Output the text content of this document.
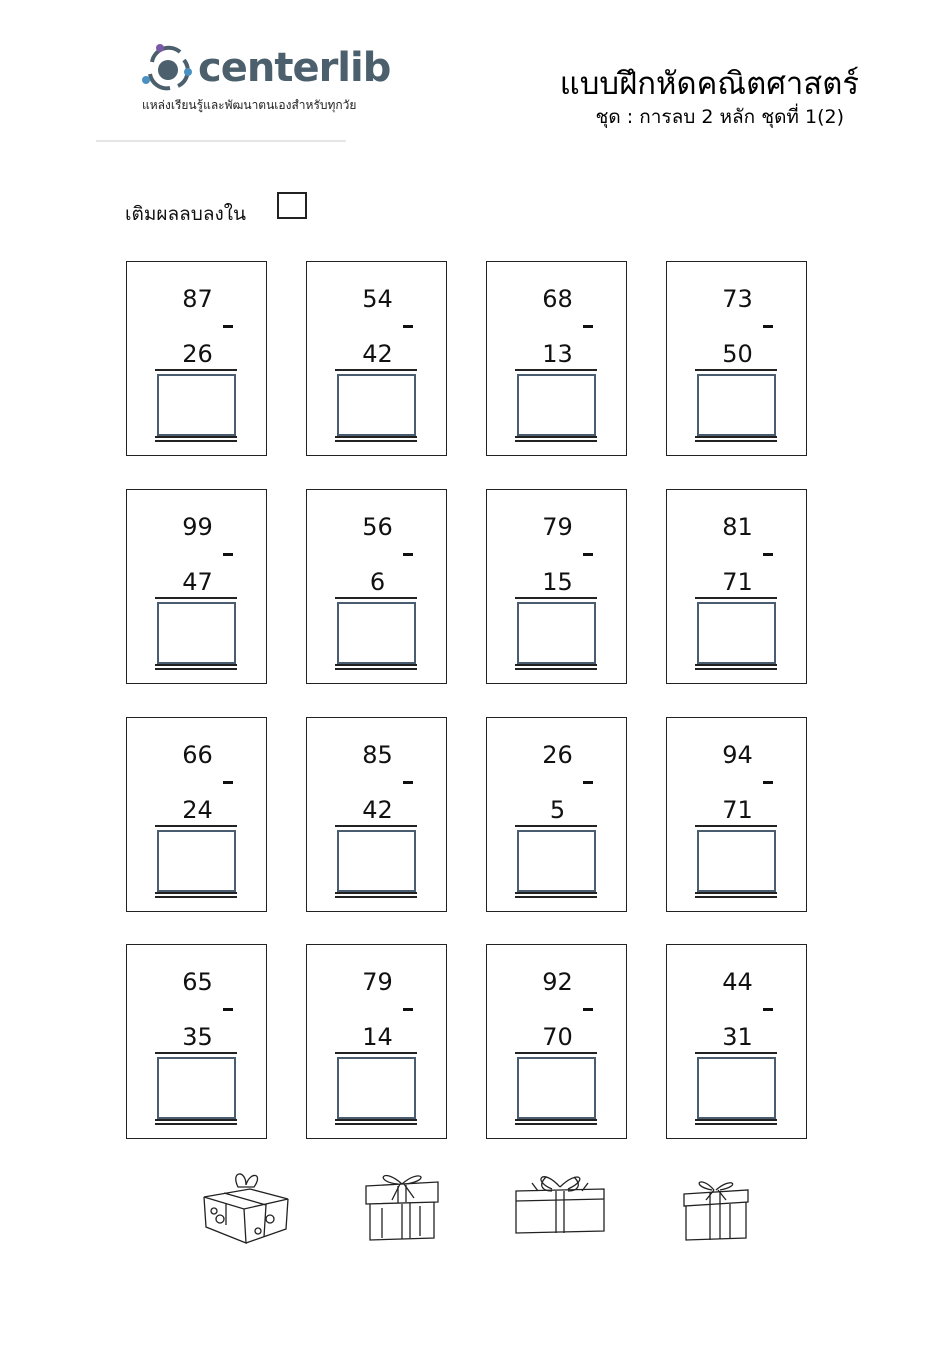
centerlib
แหล่งเรียนรู้และพัฒนาตนเองสำหรับทุกวัย
แบบฝึกหัดคณิตศาสตร์
ชุด : การลบ 2 หลัก ชุดที่ 1(2)
เติมผลลบลงใน
87
26
54
42
68
13
73
50
99
47
56
6
79
15
81
71
66
24
85
42
26
5
94
71
65
35
79
14
92
70
44
31
